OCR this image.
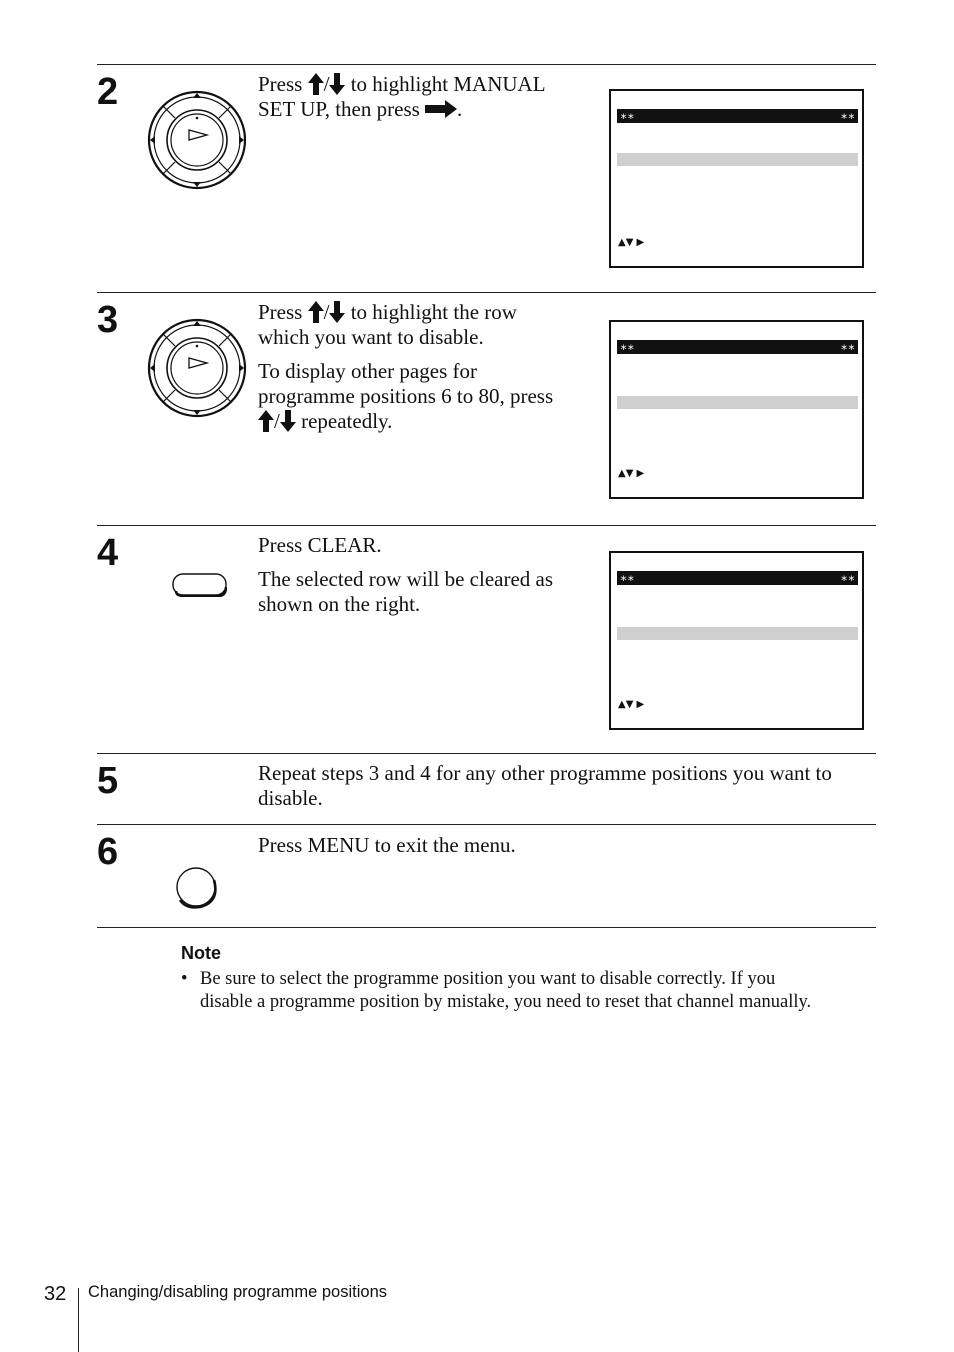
2	Press / to highlight MANUAL
SET UP, then press .	∗∗	∗∗
▲▼ ▶
3	Press / to highlight the row

which you want to disable.

To display other pages for
programme positions 6 to 80, press
/ repeatedly.
∗∗	∗∗
▲▼ ▶
4	Press CLEAR.

The selected row will be cleared as
shown on the right.
∗∗	∗∗
▲▼ ▶
5	Repeat steps 3 and 4 for any other programme positions you want to
disable.
6	Press MENU to exit the menu.
Note
• Be sure to select the programme position you want to disable correctly. If you
disable a programme position by mistake, you need to reset that channel manually.
32 Changing/disabling programme positions
